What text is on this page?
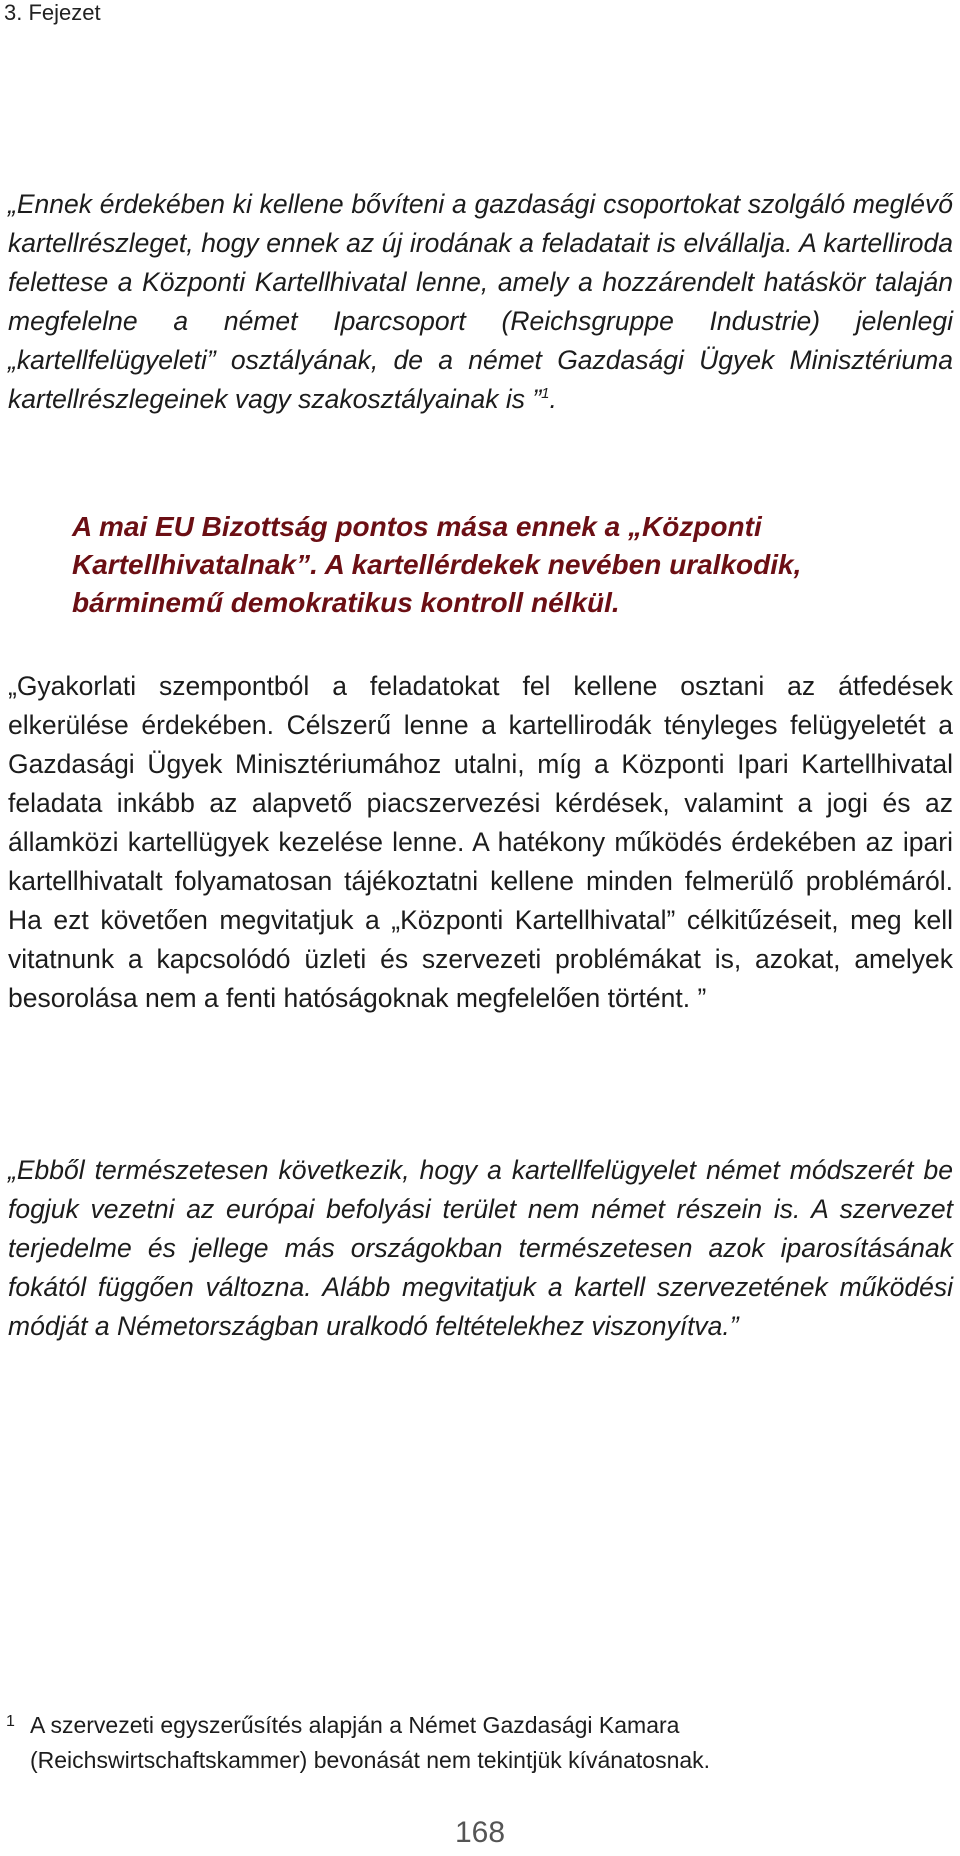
3. Fejezet

„Ennek érdekében ki kellene bővíteni a gazdasági csoportokat szolgáló meglévő kartellrészleget, hogy ennek az új irodának a feladatait is elvállalja. A kartelliroda felettese a Központi Kartellhivatal lenne, amely a hozzárendelt hatáskör talaján megfelelne a német Iparcsoport (Reichsgruppe Industrie) jelenlegi „kartellfelügyeleti” osztályának, de a német Gazdasági Ügyek Minisztériuma kartellrészlegeinek vagy szakosztályainak is ”$^1$.

A mai EU Bizottság pontos mása ennek a „Központi Kartellhivatalnak”. A kartellérdekek nevében uralkodik, bárminemű demokratikus kontroll nélkül.

„Gyakorlati szempontból a feladatokat fel kellene osztani az átfedések elkerülése érdekében. Célszerű lenne a kartellirodák tényleges felügyeletét a Gazdasági Ügyek Minisztériumához utalni, míg a Központi Ipari Kartellhivatal feladata inkább az alapvető piacszervezési kérdések, valamint a jogi és az államközi kartellügyek kezelése lenne. A hatékony működés érdekében az ipari kartellhivatalt folyamatosan tájékoztatni kellene minden felmerülő problémáról. Ha ezt követően megvitatjuk a „Központi Kartellhivatal” célkitűzéseit, meg kell vitatnunk a kapcsolódó üzleti és szervezeti problémákat is, azokat, amelyek besorolása nem a fenti hatóságoknak megfelelően történt. ”

„Ebből természetesen következik, hogy a kartellfelügyelet német módszerét be fogjuk vezetni az európai befolyási terület nem német részein is. A szervezet terjedelme és jellege más országokban természetesen azok iparosításának fokától függően változna. Alább megvitatjuk a kartell szervezetének működési módját a Németországban uralkodó feltételekhez viszonyítva.”

1 A szervezeti egyszerűsítés alapján a Német Gazdasági Kamara (Reichswirtschaftskammer) bevonását nem tekintjük kívánatosnak.
168
